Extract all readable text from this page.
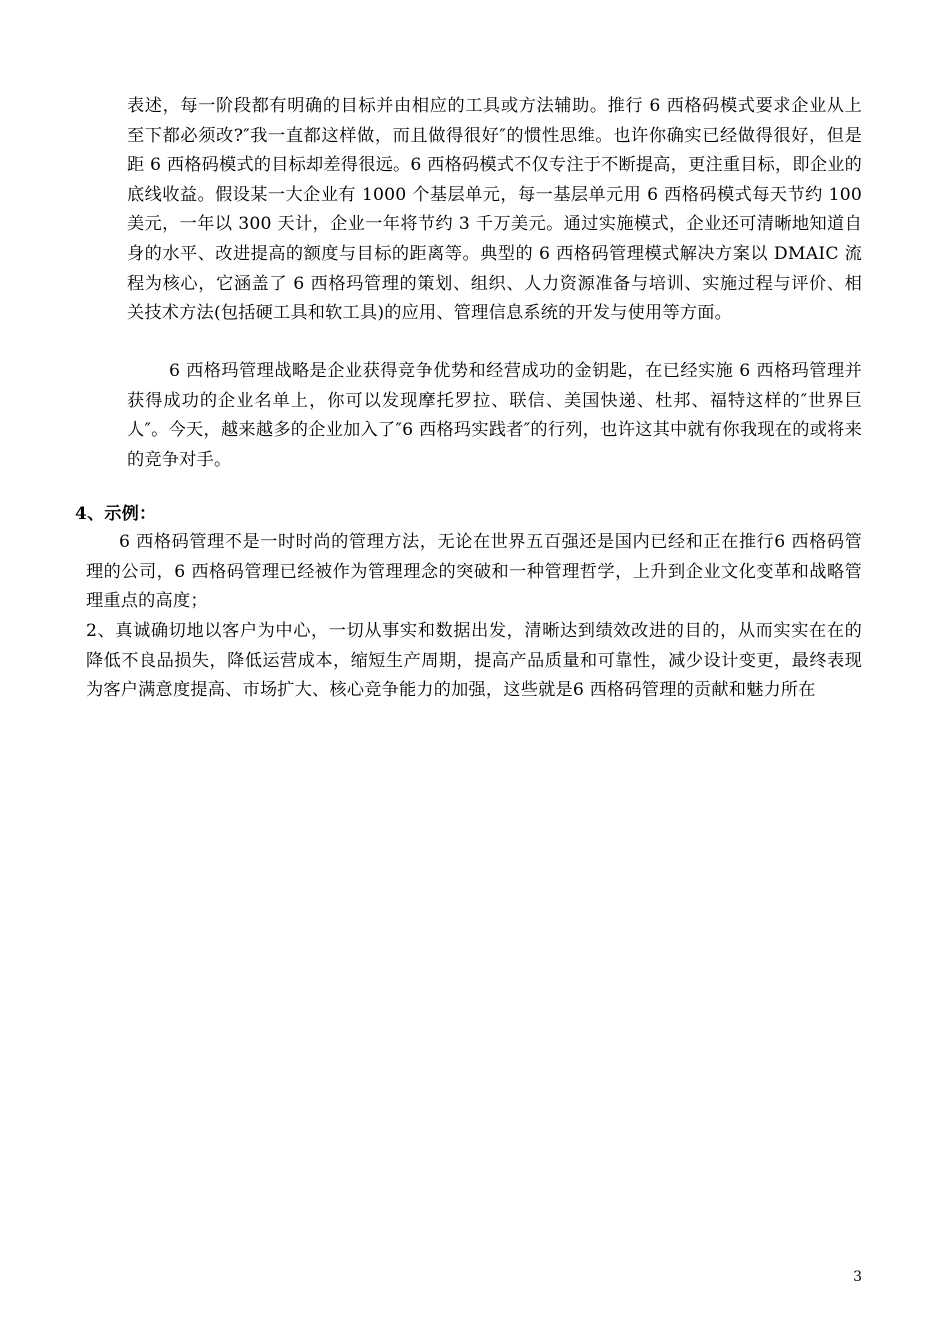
表述，每一阶段都有明确的目标并由相应的工具或方法辅助。推行 6 西格码模式要求企业从上至下都必须改?″我一直都这样做，而且做得很好″的惯性思维。也许你确实已经做得很好，但是距 6 西格码模式的目标却差得很远。6 西格码模式不仅专注于不断提高，更注重目标，即企业的底线收益。假设某一大企业有 1000 个基层单元，每一基层单元用 6 西格码模式每天节约 100 美元，一年以 300 天计，企业一年将节约 3 千万美元。通过实施模式，企业还可清晰地知道自身的水平、改进提高的额度与目标的距离等。典型的 6 西格码管理模式解决方案以 DMAIC 流程为核心，它涵盖了 6 西格玛管理的策划、组织、人力资源准备与培训、实施过程与评价、相关技术方法(包括硬工具和软工具)的应用、管理信息系统的开发与使用等方面。
6 西格玛管理战略是企业获得竞争优势和经营成功的金钥匙，在已经实施 6 西格玛管理并获得成功的企业名单上，你可以发现摩托罗拉、联信、美国快递、杜邦、福特这样的″世界巨人″。今天，越来越多的企业加入了″6 西格玛实践者″的行列，也许这其中就有你我现在的或将来的竞争对手。
4、示例：
6 西格码管理不是一时时尚的管理方法，无论在世界五百强还是国内已经和正在推行6 西格码管理的公司，6 西格码管理已经被作为管理理念的突破和一种管理哲学，上升到企业文化变革和战略管理重点的高度；
2、真诚确切地以客户为中心，一切从事实和数据出发，清晰达到绩效改进的目的，从而实实在在的降低不良品损失，降低运营成本，缩短生产周期，提高产品质量和可靠性，减少设计变更，最终表现为客户满意度提高、市场扩大、核心竞争能力的加强，这些就是6 西格码管理的贡献和魅力所在
3
